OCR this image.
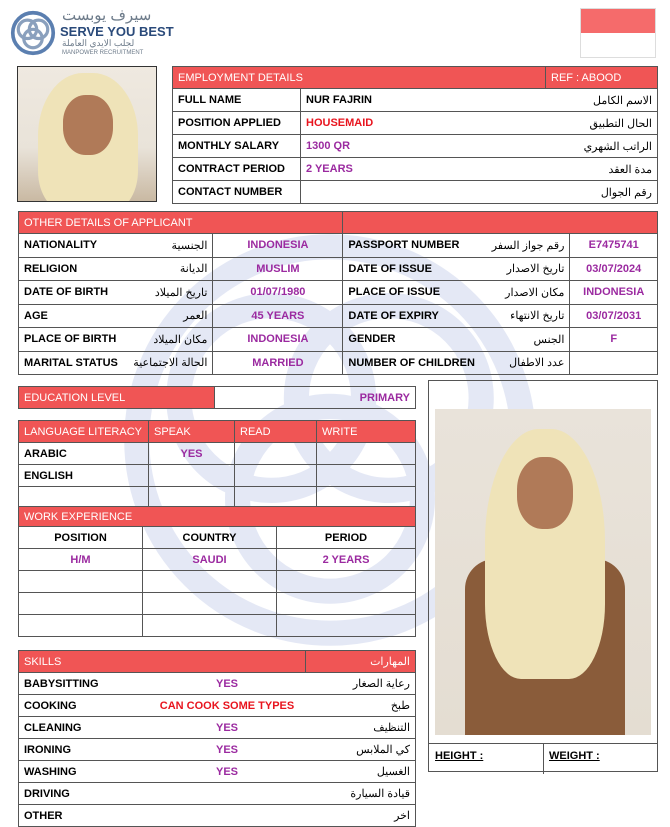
سيرف يوبست
SERVE YOU BEST
لجلب الايدي العاملة
MANPOWER RECRUITMENT
EMPLOYMENT DETAILS		REF : ABOOD
FULL NAME	NUR FAJRIN	الاسم الكامل
POSITION APPLIED	HOUSEMAID	الحال التطبيق
MONTHLY SALARY	1300 QR	الراتب الشهري
CONTRACT PERIOD	2 YEARS	مدة العقد
CONTACT NUMBER		رقم الجوال
OTHER DETAILS OF APPLICANT					
NATIONALITY	الجنسية	INDONESIA	PASSPORT NUMBER	رقم جواز السفر	E7475741
RELIGION	الديانة	MUSLIM	DATE OF ISSUE	تاريخ الاصدار	03/07/2024
DATE OF BIRTH	تاريخ الميلاد	01/07/1980	PLACE OF ISSUE	مكان الاصدار	INDONESIA
AGE	العمر	45 YEARS	DATE OF EXPIRY	تاريخ الانتهاء	03/07/2031
PLACE OF BIRTH	مكان الميلاد	INDONESIA	GENDER	الجنس	F
MARITAL STATUS	الحالة الاجتماعية	MARRIED	NUMBER OF CHILDREN	عدد الاطفال	
EDUCATION LEVEL	PRIMARY
LANGUAGE LITERACY	SPEAK	READ	WRITE
ARABIC	YES		
ENGLISH			

WORK EXPERIENCE		
POSITION	COUNTRY	PERIOD
H/M	SAUDI	2 YEARS

SKILLS		المهارات
BABYSITTING	YES	رعاية الصغار
COOKING	CAN COOK SOME TYPES	طبخ
CLEANING	YES	التنظيف
IRONING	YES	كي الملابس
WASHING	YES	الغسيل
DRIVING		قيادة السيارة
OTHER		اخر
HEIGHT :	WEIGHT :
